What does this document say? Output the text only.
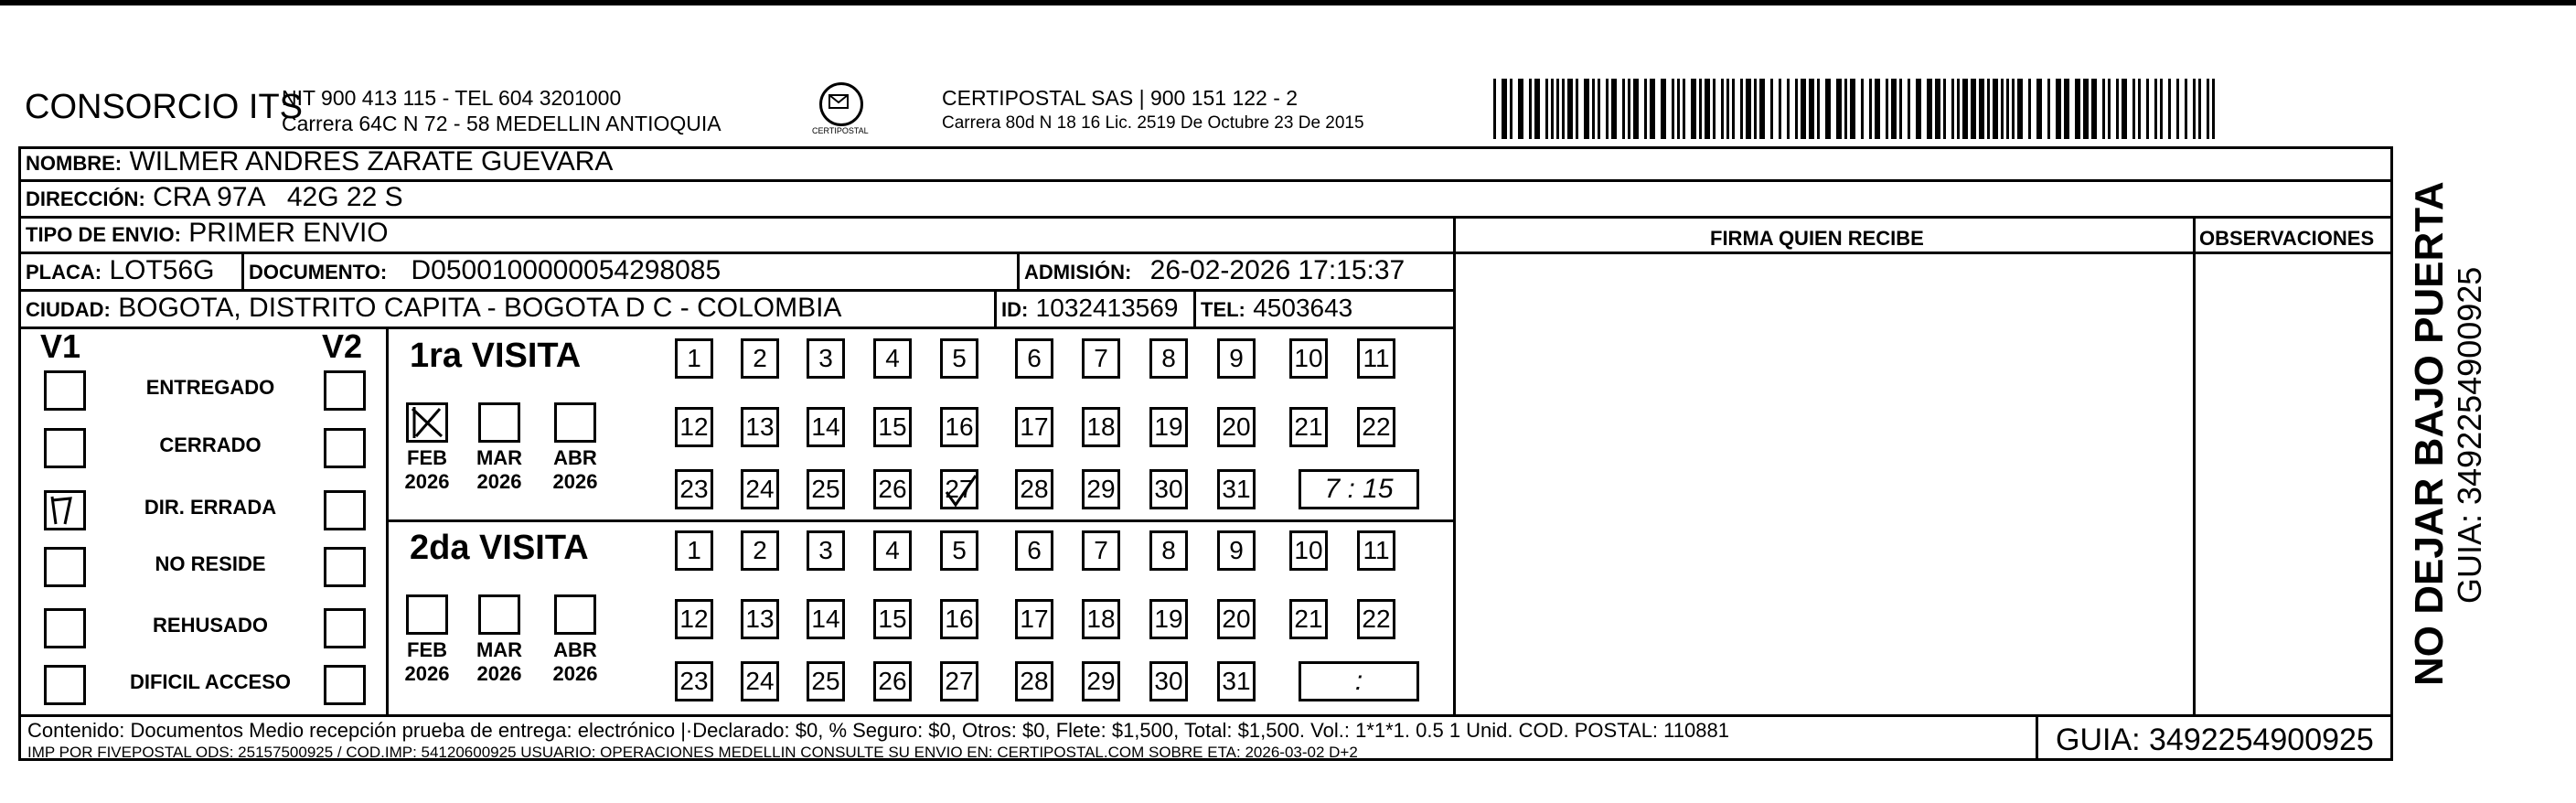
CONSORCIO ITS
NIT 900 413 115 - TEL 604 3201000
Carrera 64C N 72 - 58 MEDELLIN ANTIOQUIA	CERTIPOSTAL
CERTIPOSTAL SAS | 900 151 122 - 2
Carrera 80d N 18 16 Lic. 2519 De Octubre 23 De 2015
NOMBRE: WILMER ANDRES ZARATE GUEVARA
DIRECCIÓN: CRA 97A   42G 22 S
TIPO DE ENVIO: PRIMER ENVIO	FIRMA QUIEN RECIBE	OBSERVACIONES
PLACA: LOT56G DOCUMENTO: D0500100000054298085	ADMISIÓN: 26-02-2026 17:15:37
CIUDAD: BOGOTA, DISTRITO CAPITA - BOGOTA D C - COLOMBIA	ID: 1032413569 TEL: 4503643
V1	V2
ENTREGADO
CERRADO
DIR. ERRADA
NO RESIDE
REHUSADO
DIFICIL ACCESO
1ra VISITA
FEB
2026
MAR
2026
ABR
2026
1	2	3	4	5	6	7	8	9	10 11
12 13 14 15 16 17 18 19 20 21 22
23 24 25 26 27 28 29 30 31	7 : 15
2da VISITA
FEB
2026
MAR
2026
ABR
2026
1	2	3	4	5	6	7	8	9	10 11
12 13 14 15 16 17 18 19 20 21 22
23 24 25 26 27 28 29 30 31	:
Contenido: Documentos Medio recepción prueba de entrega: electrónico |·Declarado: $0, % Seguro: $0, Otros: $0, Flete: $1,500, Total: $1,500. Vol.: 1*1*1. 0.5 1 Unid. COD. POSTAL: 110881
IMP POR FIVEPOSTAL ODS: 25157500925 / COD.IMP: 54120600925 USUARIO: OPERACIONES MEDELLIN CONSULTE SU ENVIO EN: CERTIPOSTAL.COM SOBRE ETA: 2026-03-02 D+2	GUIA: 3492254900925
NO DEJAR BAJO PUERTA GUIA: 3492254900925
